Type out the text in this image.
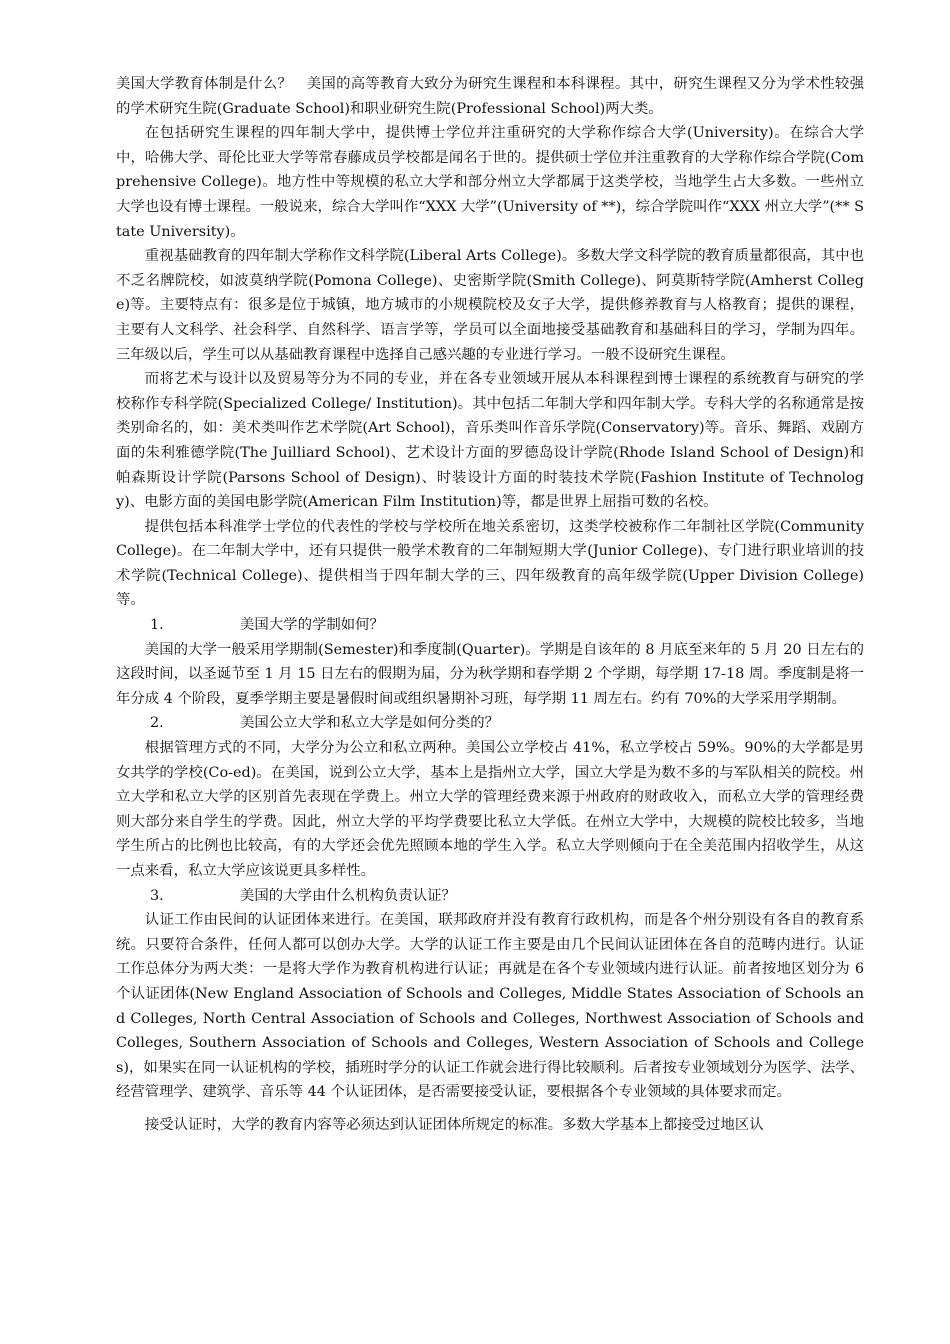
美国大学教育体制是什么？　美国的高等教育大致分为研究生课程和本科课程。其中，研究生课程又分为学术性较强的学术研究生院(Graduate School)和职业研究生院(Professional School)两大类。

在包括研究生课程的四年制大学中，提供博士学位并注重研究的大学称作综合大学(University)。在综合大学中，哈佛大学、哥伦比亚大学等常春藤成员学校都是闻名于世的。提供硕士学位并注重教育的大学称作综合学院(Comprehensive College)。地方性中等规模的私立大学和部分州立大学都属于这类学校，当地学生占大多数。一些州立大学也设有博士课程。一般说来，综合大学叫作“XXX 大学”(University of **)，综合学院叫作“XXX 州立大学”(** State University)。

重视基础教育的四年制大学称作文科学院(Liberal Arts College)。多数大学文科学院的教育质量都很高，其中也不乏名牌院校，如波莫纳学院(Pomona College)、史密斯学院(Smith College)、阿莫斯特学院(Amherst College)等。主要特点有：很多是位于城镇，地方城市的小规模院校及女子大学，提供修养教育与人格教育；提供的课程，主要有人文科学、社会科学、自然科学、语言学等，学员可以全面地接受基础教育和基础科目的学习，学制为四年。三年级以后，学生可以从基础教育课程中选择自己感兴趣的专业进行学习。一般不设研究生课程。

而将艺术与设计以及贸易等分为不同的专业，并在各专业领域开展从本科课程到博士课程的系统教育与研究的学校称作专科学院(Specialized College/ Institution)。其中包括二年制大学和四年制大学。专科大学的名称通常是按类别命名的，如：美术类叫作艺术学院(Art School)，音乐类叫作音乐学院(Conservatory)等。音乐、舞蹈、戏剧方面的朱利雅德学院(The Juilliard School)、艺术设计方面的罗德岛设计学院(Rhode Island School of Design)和帕森斯设计学院(Parsons School of Design)、时装设计方面的时装技术学院(Fashion Institute of Technology)、电影方面的美国电影学院(American Film Institution)等，都是世界上屈指可数的名校。

提供包括本科准学士学位的代表性的学校与学校所在地关系密切，这类学校被称作二年制社区学院(Community College)。在二年制大学中，还有只提供一般学术教育的二年制短期大学(Junior College)、专门进行职业培训的技术学院(Technical College)、提供相当于四年制大学的三、四年级教育的高年级学院(Upper Division College)等。

1.	美国大学的学制如何？

美国的大学一般采用学期制(Semester)和季度制(Quarter)。学期是自该年的 8 月底至来年的 5 月 20 日左右的这段时间，以圣诞节至 1 月 15 日左右的假期为届，分为秋学期和春学期 2 个学期，每学期 17-18 周。季度制是将一年分成 4 个阶段，夏季学期主要是暑假时间或组织暑期补习班，每学期 11 周左右。约有 70%的大学采用学期制。

2.	美国公立大学和私立大学是如何分类的？

根据管理方式的不同，大学分为公立和私立两种。美国公立学校占 41%，私立学校占 59%。90%的大学都是男女共学的学校(Co-ed)。在美国，说到公立大学，基本上是指州立大学，国立大学是为数不多的与军队相关的院校。州立大学和私立大学的区别首先表现在学费上。州立大学的管理经费来源于州政府的财政收入，而私立大学的管理经费则大部分来自学生的学费。因此，州立大学的平均学费要比私立大学低。在州立大学中，大规模的院校比较多，当地学生所占的比例也比较高，有的大学还会优先照顾本地的学生入学。私立大学则倾向于在全美范围内招收学生，从这一点来看，私立大学应该说更具多样性。

3.	美国的大学由什么机构负责认证？

认证工作由民间的认证团体来进行。在美国，联邦政府并没有教育行政机构，而是各个州分别设有各自的教育系统。只要符合条件，任何人都可以创办大学。大学的认证工作主要是由几个民间认证团体在各自的范畴内进行。认证工作总体分为两大类：一是将大学作为教育机构进行认证；再就是在各个专业领域内进行认证。前者按地区划分为 6 个认证团体(New England Association of Schools and Colleges, Middle States Association of Schools and Colleges, North Central Association of Schools and Colleges, Northwest Association of Schools and Colleges, Southern Association of Schools and Colleges, Western Association of Schools and Colleges)，如果实在同一认证机构的学校，插班时学分的认证工作就会进行得比较顺利。后者按专业领域划分为医学、法学、经营管理学、建筑学、音乐等 44 个认证团体，是否需要接受认证，要根据各个专业领域的具体要求而定。

接受认证时，大学的教育内容等必须达到认证团体所规定的标准。多数大学基本上都接受过地区认
